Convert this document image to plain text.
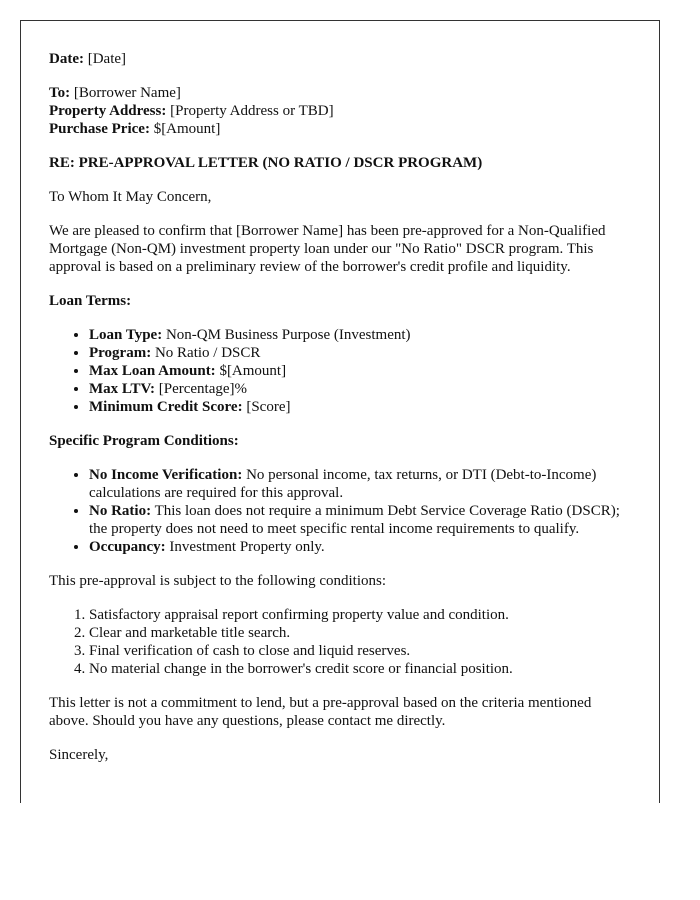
Date: [Date]

To: [Borrower Name]
Property Address: [Property Address or TBD]
Purchase Price: $[Amount]

RE: PRE-APPROVAL LETTER (NO RATIO / DSCR PROGRAM)

To Whom It May Concern,

We are pleased to confirm that [Borrower Name] has been pre-approved for a Non-Qualified Mortgage (Non-QM) investment property loan under our "No Ratio" DSCR program. This approval is based on a preliminary review of the borrower's credit profile and liquidity.

Loan Terms:

• Loan Type: Non-QM Business Purpose (Investment)
• Program: No Ratio / DSCR
• Max Loan Amount: $[Amount]
• Max LTV: [Percentage]%
• Minimum Credit Score: [Score]

Specific Program Conditions:

• No Income Verification: No personal income, tax returns, or DTI (Debt-to-Income) calculations are required for this approval.
• No Ratio: This loan does not require a minimum Debt Service Coverage Ratio (DSCR); the property does not need to meet specific rental income requirements to qualify.
• Occupancy: Investment Property only.

This pre-approval is subject to the following conditions:

1. Satisfactory appraisal report confirming property value and condition.
2. Clear and marketable title search.
3. Final verification of cash to close and liquid reserves.
4. No material change in the borrower's credit score or financial position.

This letter is not a commitment to lend, but a pre-approval based on the criteria mentioned above. Should you have any questions, please contact me directly.

Sincerely,
